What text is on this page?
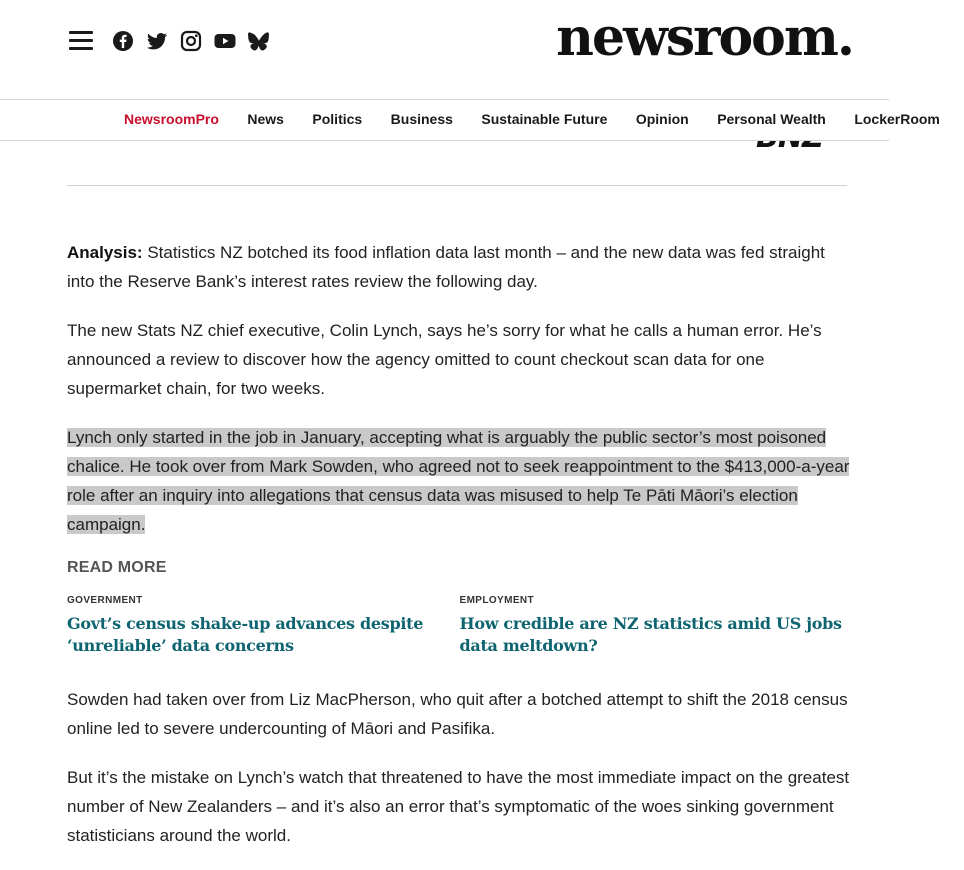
newsroom.
NewsroomPro News Politics Business Sustainable Future Opinion Personal Wealth LockerRoom

Analysis: Statistics NZ botched its food inflation data last month – and the new data was fed straight into the Reserve Bank’s interest rates review the following day.

The new Stats NZ chief executive, Colin Lynch, says he’s sorry for what he calls a human error. He’s announced a review to discover how the agency omitted to count checkout scan data for one supermarket chain, for two weeks.

Lynch only started in the job in January, accepting what is arguably the public sector’s most poisoned chalice. He took over from Mark Sowden, who agreed not to seek reappointment to the $413,000-a-year role after an inquiry into allegations that census data was misused to help Te Pāti Māori’s election campaign.

READ MORE
GOVERNMENT
Govt’s census shake-up advances despite ‘unreliable’ data concerns
EMPLOYMENT
How credible are NZ statistics amid US jobs data meltdown?

Sowden had taken over from Liz MacPherson, who quit after a botched attempt to shift the 2018 census online led to severe undercounting of Māori and Pasifika.

But it’s the mistake on Lynch’s watch that threatened to have the most immediate impact on the greatest number of New Zealanders – and it’s also an error that’s symptomatic of the woes sinking government statisticians around the world.
